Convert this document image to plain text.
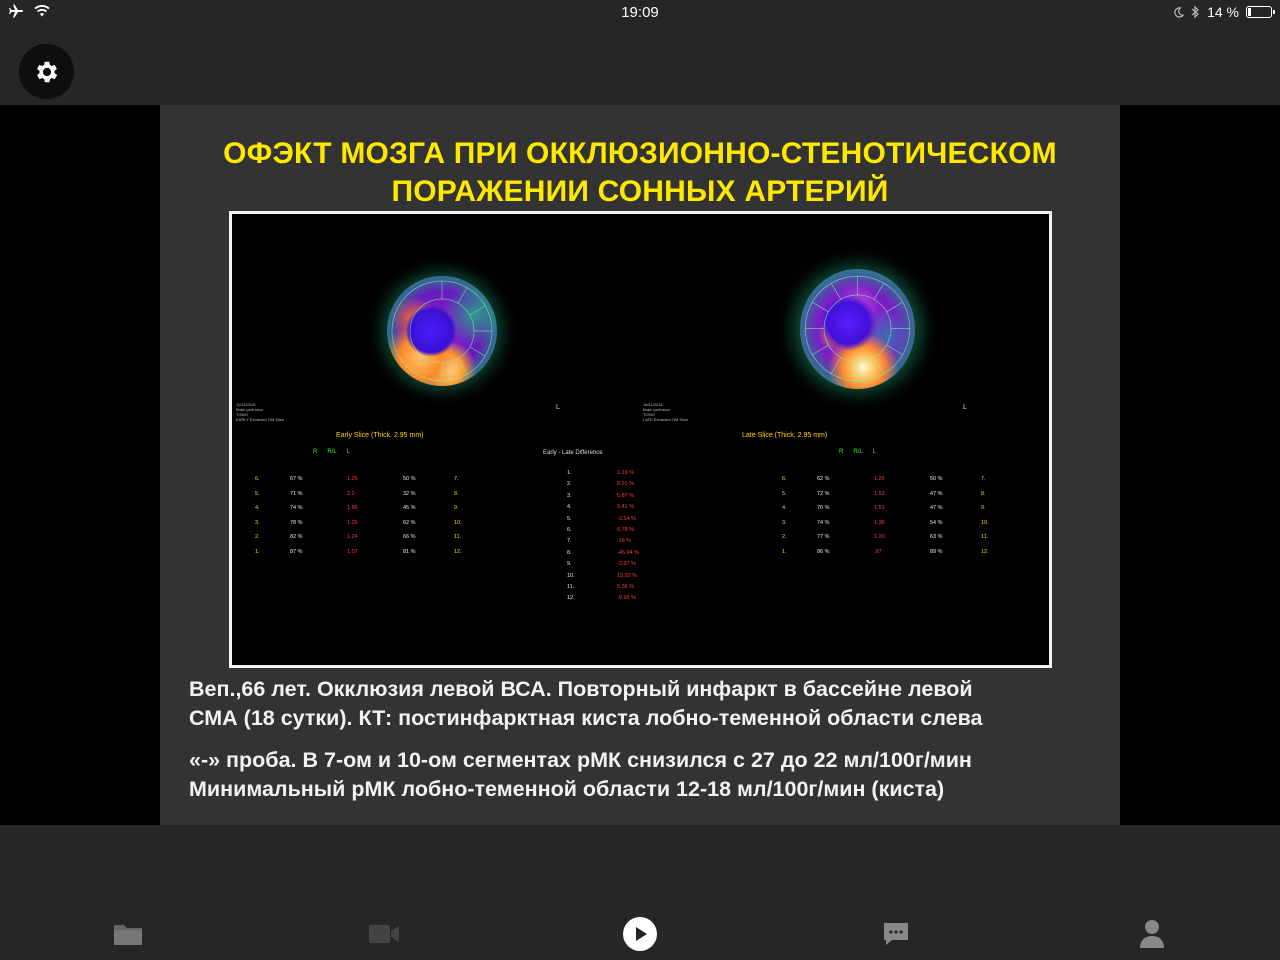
19:09	14 %
ОФЭКТ МОЗГА ПРИ ОККЛЮЗИОННО-СТЕНОТИЧЕСКОМ
ПОРАЖЕНИИ СОННЫХ АРТЕРИЙ
11/11/2016
Brain perfusion
TOMO
EARLY Extracted OM Slice
18/11/2016
Brain perfusion
TOMO
LATE Extracted OM Slice
L	L
Early Slice (Thick. 2.95 mm)	Late Slice (Thick. 2.95 mm)
R R/L L	R R/L L
Early - Late Difference
6.	67 %	1.26	50 %	7.
5.	71 %	2.2	32 %	8.
4.	74 %	1.66	45 %	9.
3.	78 %	1.26	62 %	10.
2.	82 %	1.24	66 %	11.
1.	87 %	1.07	81 %	12.
6.	62 %	1.26	50 %	7.
5.	72 %	1.53	47 %	8.
4.	70 %	1.51	47 %	9.
3.	74 %	1.36	54 %	10.
2.	77 %	1.20	63 %	11.
1.	86 %	.97	89 %	12.
1.	1.19 %
2.	8.91 %
3.	5.87 %
4.	5.41 %
5.	-2.14 %
6.	6.78 %
7.	.16 %
8.	-46.94 %
9.	-3.97 %
10.	13.02 %
11.	5.36 %
12.	-9.96 %
Веп.,66 лет. Окклюзия левой ВСА. Повторный инфаркт в бассейне левой
СМА (18 сутки). КТ: постинфарктная киста лобно-теменной области слева
«-» проба. В 7-ом и 10-ом сегментах рМК снизился с 27 до 22 мл/100г/мин
Минимальный рМК лобно-теменной области 12-18 мл/100г/мин (киста)
